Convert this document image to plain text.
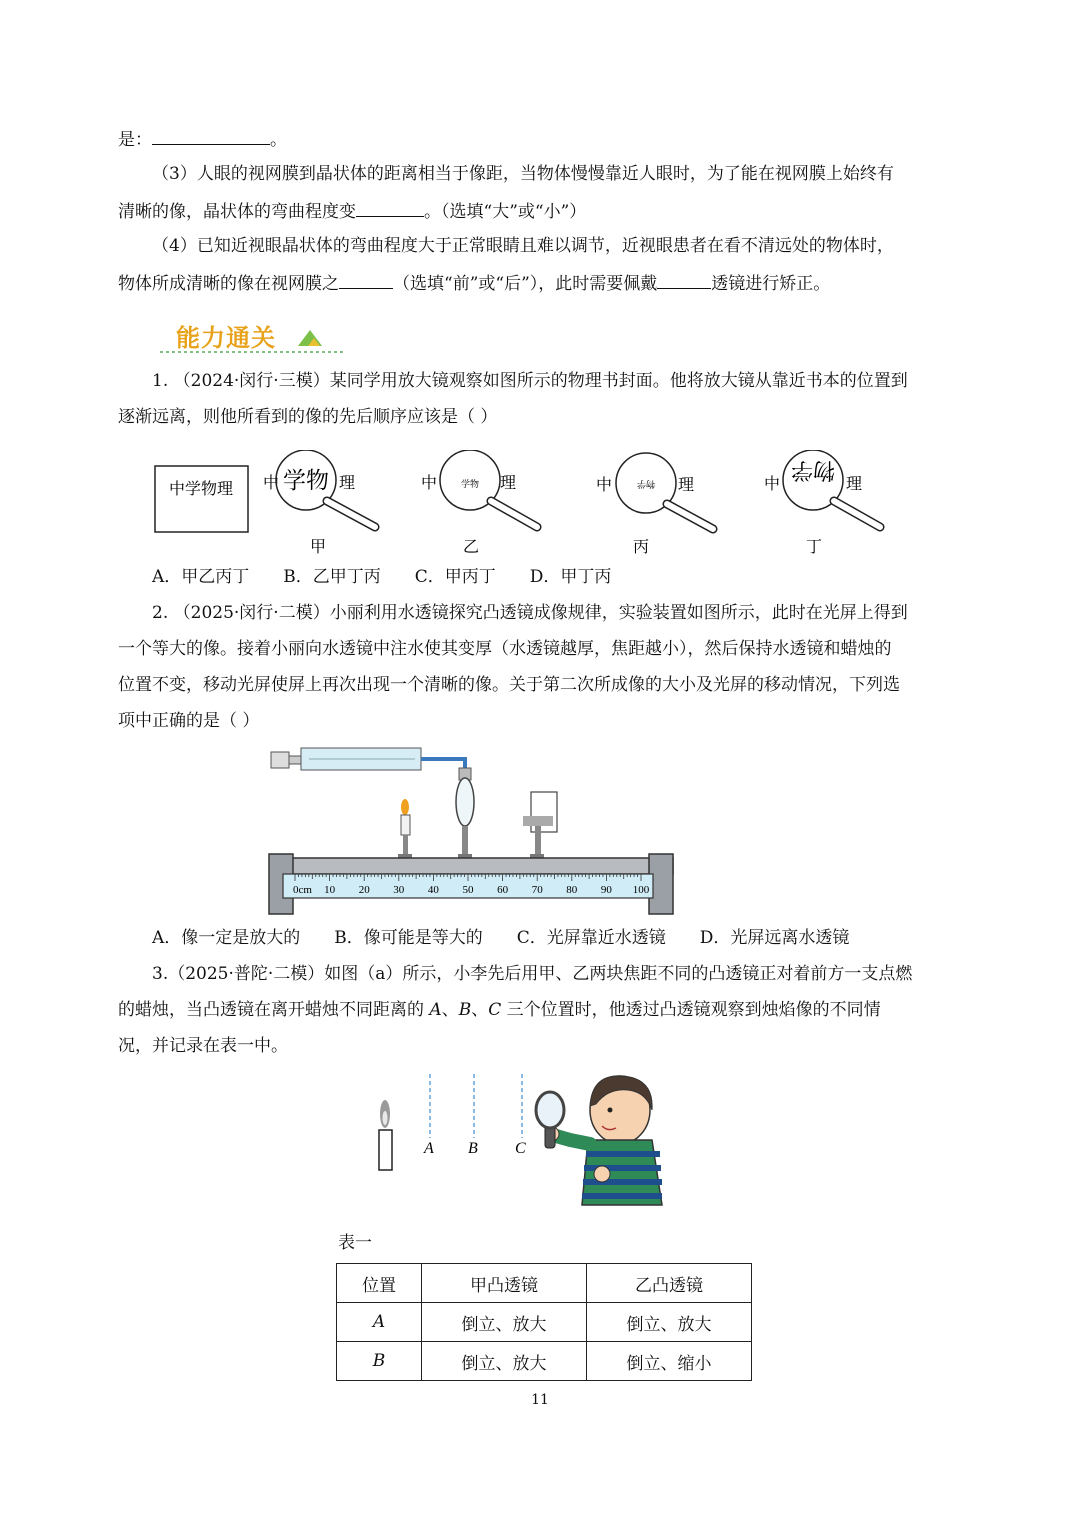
是：	。
（3）人眼的视网膜到晶状体的距离相当于像距，当物体慢慢靠近人眼时，为了能在视网膜上始终有
清晰的像，晶状体的弯曲程度变	。（选填“大”或“小”）
（4）已知近视眼晶状体的弯曲程度大于正常眼睛且难以调节，近视眼患者在看不清远处的物体时，
物体所成清晰的像在视网膜之	（选填“前”或“后”），此时需要佩戴	透镜进行矫正。
能力通关
1. （2024·闵行·三模）某同学用放大镜观察如图所示的物理书封面。他将放大镜从靠近书本的位置到
逐渐远离，则他所看到的像的先后顺序应该是（ ）
中学物理 中 学物 理
甲
中	学物 理
乙
中	物学 理
丙
中
物学
理
丁
A．甲乙丙丁 B．乙甲丁丙 C．甲丙丁 D．甲丁丙
2. （2025·闵行·二模）小丽利用水透镜探究凸透镜成像规律，实验装置如图所示，此时在光屏上得到
一个等大的像。接着小丽向水透镜中注水使其变厚（水透镜越厚，焦距越小），然后保持水透镜和蜡烛的
位置不变，移动光屏使屏上再次出现一个清晰的像。关于第二次所成像的大小及光屏的移动情况，下列选
项中正确的是（ ）
0cm 10 20 30 40 50 60 70 80 90 100
A．像一定是放大的 B．像可能是等大的 C．光屏靠近水透镜 D．光屏远离水透镜
3.（2025·普陀·二模）如图（a）所示，小李先后用甲、乙两块焦距不同的凸透镜正对着前方一支点燃
的蜡烛，当凸透镜在离开蜡烛不同距离的 A、B、C 三个位置时，他透过凸透镜观察到烛焰像的不同情
况，并记录在表一中。
A B C
表一
位置	甲凸透镜	乙凸透镜
A	倒立、放大	倒立、放大
B	倒立、放大	倒立、缩小
11
